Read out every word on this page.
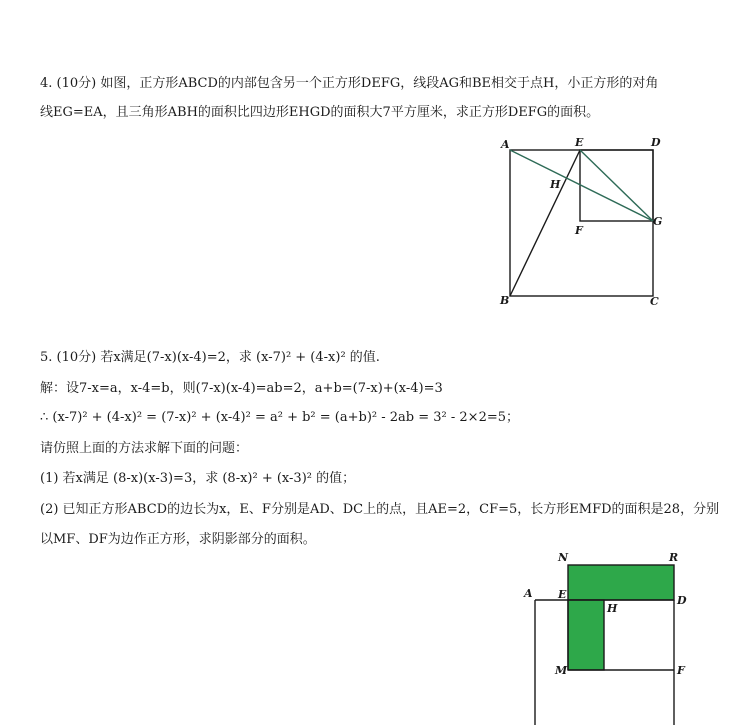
4. (10分) 如图，正方形ABCD的内部包含另一个正方形DEFG，线段AG和BE相交于点H，小正方形的对角
线EG=EA，且三角形ABH的面积比四边形EHGD的面积大7平方厘米，求正方形DEFG的面积。
A	E	D
H
G
F
B	C
5. (10分) 若x满足(7-x)(x-4)=2，求 (x-7)² + (4-x)² 的值.
解：设7-x=a，x-4=b，则(7-x)(x-4)=ab=2，a+b=(7-x)+(x-4)=3
∴ (x-7)² + (4-x)² = (7-x)² + (x-4)² = a² + b² = (a+b)² - 2ab = 3² - 2×2=5；
请仿照上面的方法求解下面的问题：
(1) 若x满足 (8-x)(x-3)=3，求 (8-x)² + (x-3)² 的值；
(2) 已知正方形ABCD的边长为x，E、F分别是AD、DC上的点，且AE=2，CF=5，长方形EMFD的面积是28，分别
以MF、DF为边作正方形，求阴影部分的面积。
N	R
A E	D
H
M	F
